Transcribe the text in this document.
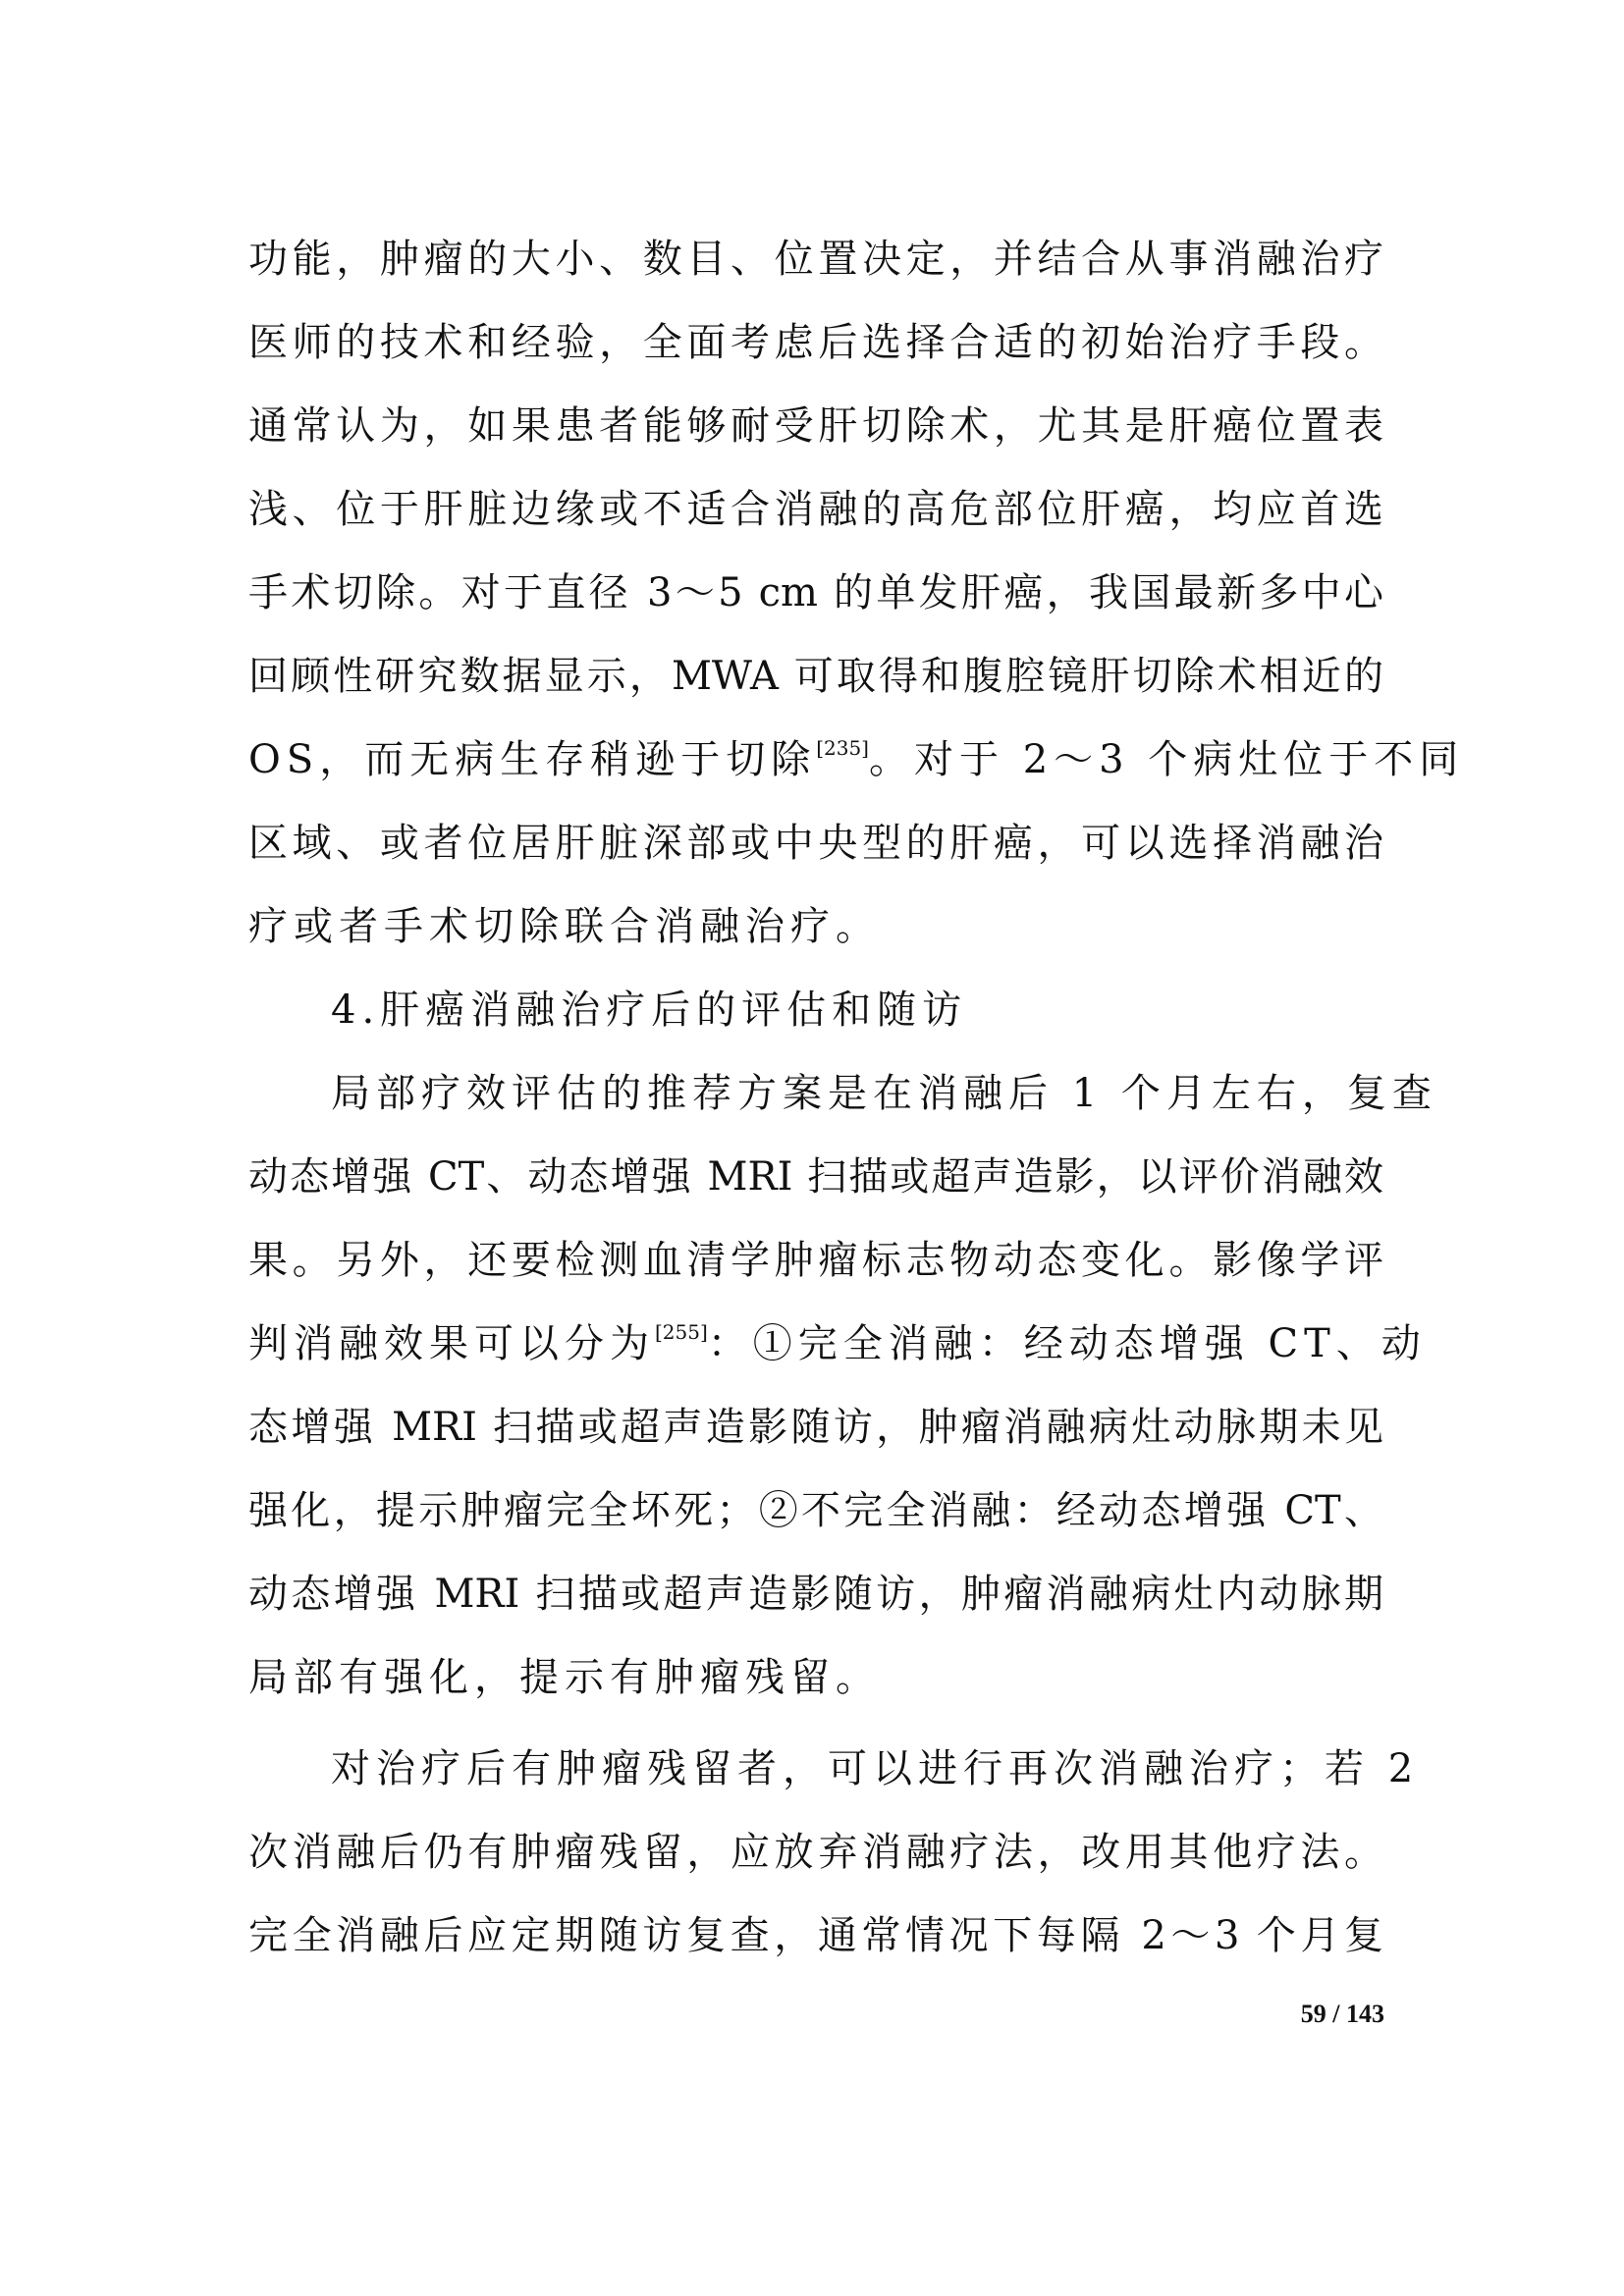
功能，肿瘤的大小、数目、位置决定，并结合从事消融治疗
医师的技术和经验，全面考虑后选择合适的初始治疗手段。
通常认为，如果患者能够耐受肝切除术，尤其是肝癌位置表
浅、位于肝脏边缘或不适合消融的高危部位肝癌，均应首选
手术切除。对于直径 3～5 cm 的单发肝癌，我国最新多中心
回顾性研究数据显示，MWA 可取得和腹腔镜肝切除术相近的
OS，而无病生存稍逊于切除[235]。对于 2～3 个病灶位于不同
区域、或者位居肝脏深部或中央型的肝癌，可以选择消融治
疗或者手术切除联合消融治疗。
4.肝癌消融治疗后的评估和随访
局部疗效评估的推荐方案是在消融后 1 个月左右，复查
动态增强 CT、动态增强 MRI 扫描或超声造影，以评价消融效
果。另外，还要检测血清学肿瘤标志物动态变化。影像学评
判消融效果可以分为[255]：①完全消融：经动态增强 CT、动
态增强 MRI 扫描或超声造影随访，肿瘤消融病灶动脉期未见
强化，提示肿瘤完全坏死；②不完全消融：经动态增强 CT、
动态增强 MRI 扫描或超声造影随访，肿瘤消融病灶内动脉期
局部有强化，提示有肿瘤残留。
对治疗后有肿瘤残留者，可以进行再次消融治疗；若 2
次消融后仍有肿瘤残留，应放弃消融疗法，改用其他疗法。
完全消融后应定期随访复查，通常情况下每隔 2～3 个月复
59 / 143
